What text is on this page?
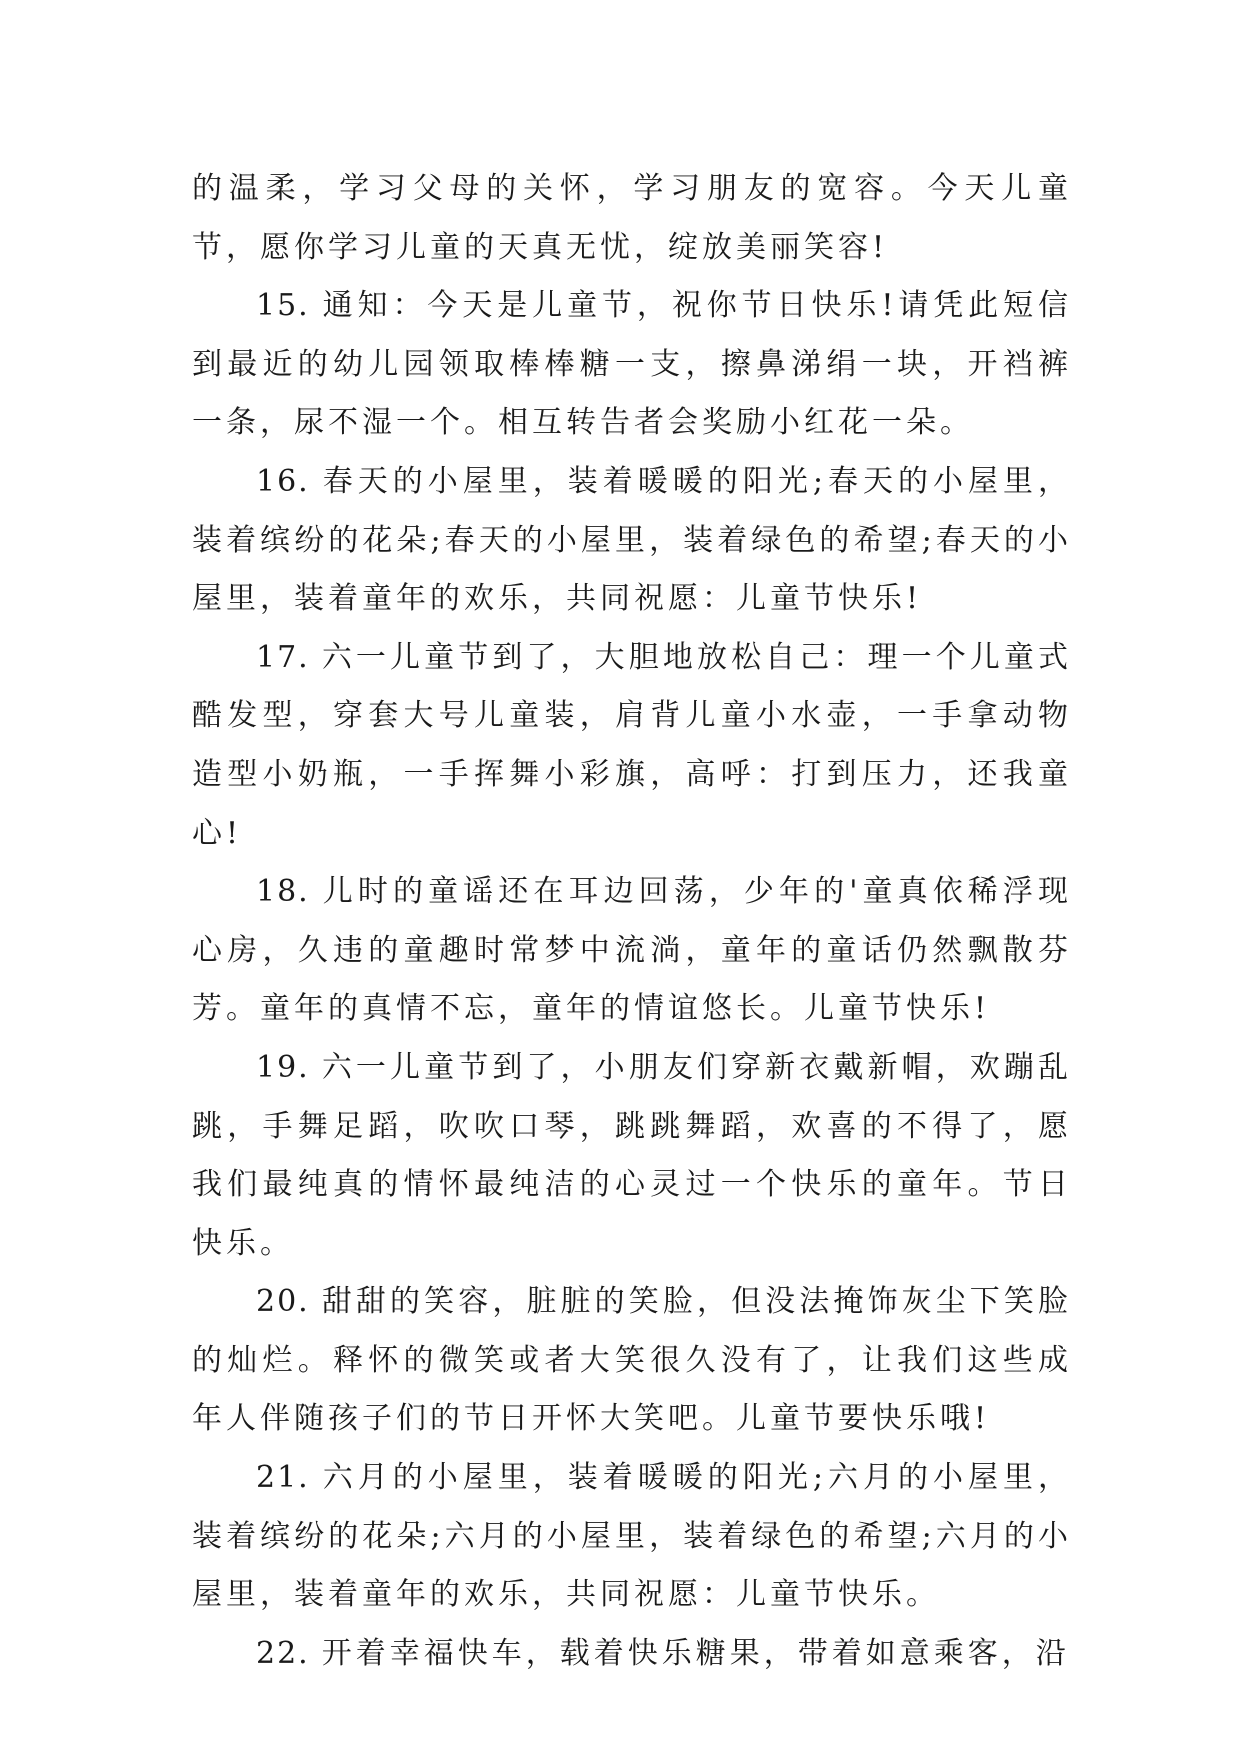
的温柔，学习父母的关怀，学习朋友的宽容。今天儿童节，愿你学习儿童的天真无忧，绽放美丽笑容!

15. 通知：今天是儿童节，祝你节日快乐!请凭此短信到最近的幼儿园领取棒棒糖一支，擦鼻涕绢一块，开裆裤一条，尿不湿一个。相互转告者会奖励小红花一朵。

16. 春天的小屋里，装着暖暖的阳光;春天的小屋里，装着缤纷的花朵;春天的小屋里，装着绿色的希望;春天的小屋里，装着童年的欢乐，共同祝愿：儿童节快乐!

17. 六一儿童节到了，大胆地放松自己：理一个儿童式酷发型，穿套大号儿童装，肩背儿童小水壶，一手拿动物造型小奶瓶，一手挥舞小彩旗，高呼：打到压力，还我童心!

18. 儿时的童谣还在耳边回荡，少年的'童真依稀浮现心房，久违的童趣时常梦中流淌，童年的童话仍然飘散芬芳。童年的真情不忘，童年的情谊悠长。儿童节快乐!

19. 六一儿童节到了，小朋友们穿新衣戴新帽，欢蹦乱跳，手舞足蹈，吹吹口琴，跳跳舞蹈，欢喜的不得了，愿我们最纯真的情怀最纯洁的心灵过一个快乐的童年。节日快乐。

20. 甜甜的笑容，脏脏的笑脸，但没法掩饰灰尘下笑脸的灿烂。释怀的微笑或者大笑很久没有了，让我们这些成年人伴随孩子们的节日开怀大笑吧。儿童节要快乐哦!

21. 六月的小屋里，装着暖暖的阳光;六月的小屋里，装着缤纷的花朵;六月的小屋里，装着绿色的希望;六月的小屋里，装着童年的欢乐，共同祝愿：儿童节快乐。

22. 开着幸福快车，载着快乐糖果，带着如意乘客，沿
